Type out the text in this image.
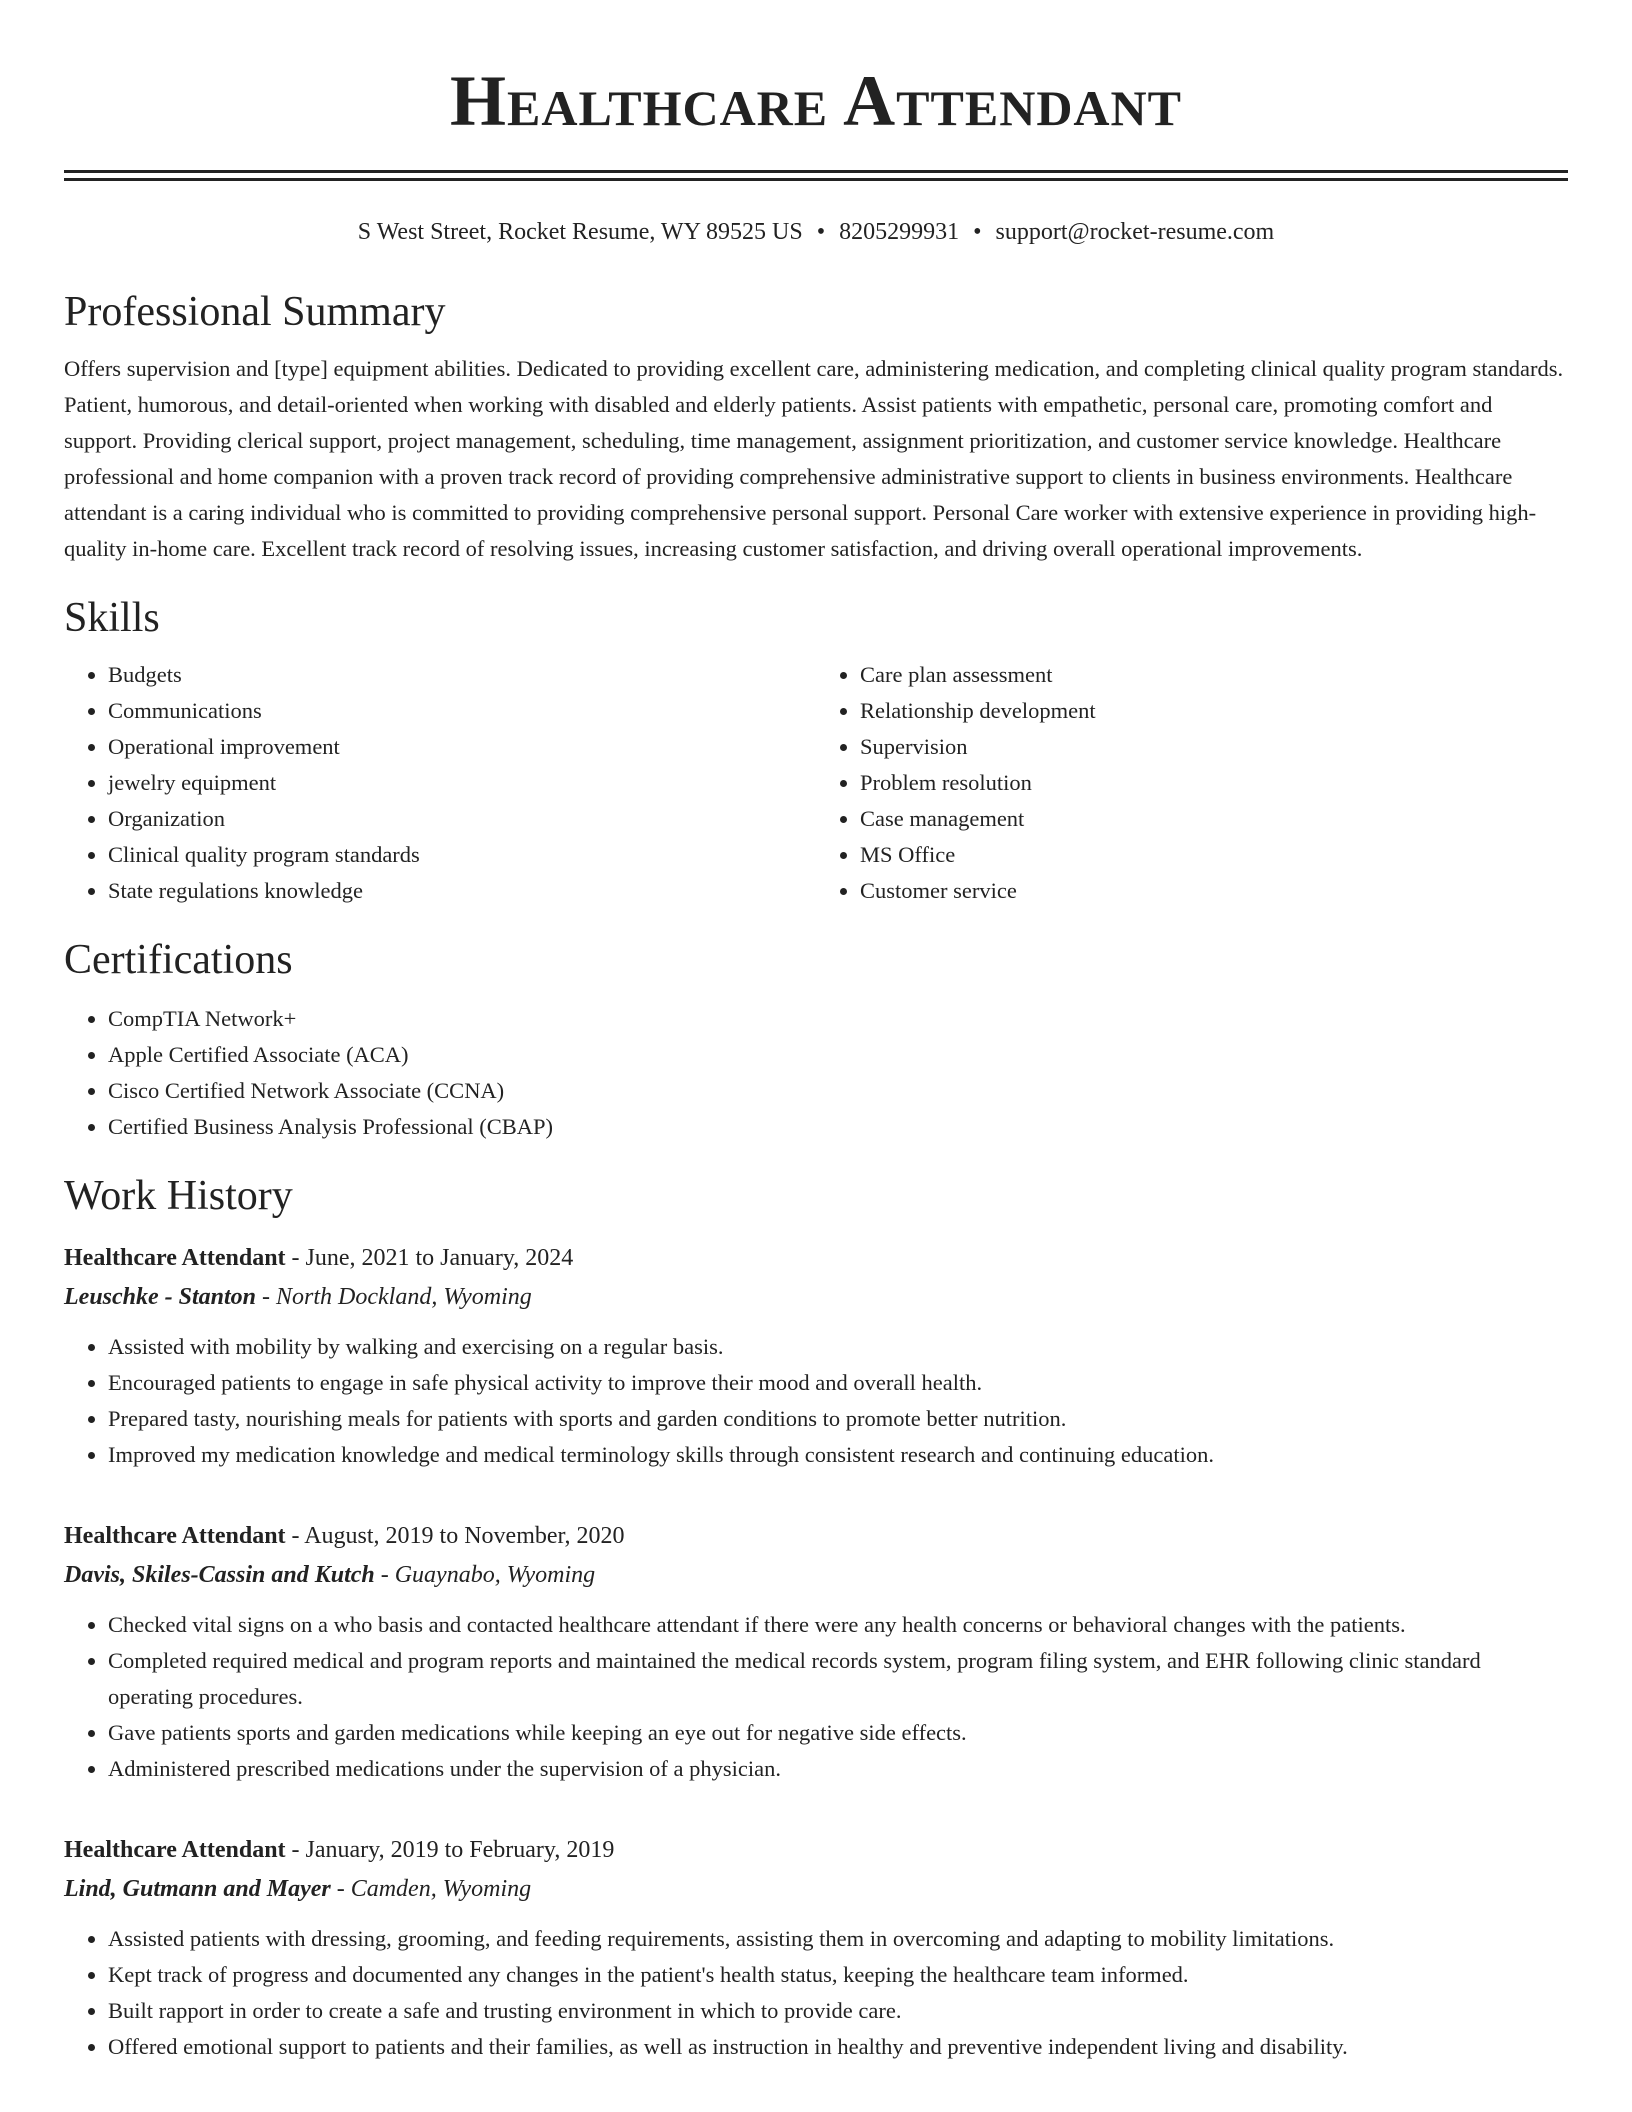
Healthcare Attendant
S West Street, Rocket Resume, WY 89525 US • 8205299931 • support@rocket-resume.com
Professional Summary

Offers supervision and [type] equipment abilities. Dedicated to providing excellent care, administering medication, and completing clinical quality program standards. Patient, humorous, and detail-oriented when working with disabled and elderly patients. Assist patients with empathetic, personal care, promoting comfort and support. Providing clerical support, project management, scheduling, time management, assignment prioritization, and customer service knowledge. Healthcare professional and home companion with a proven track record of providing comprehensive administrative support to clients in business environments. Healthcare attendant is a caring individual who is committed to providing comprehensive personal support. Personal Care worker with extensive experience in providing high-quality in-home care. Excellent track record of resolving issues, increasing customer satisfaction, and driving overall operational improvements.

Skills
• Budgets
• Communications
• Operational improvement
• jewelry equipment
• Organization
• Clinical quality program standards
• State regulations knowledge
• Care plan assessment
• Relationship development
• Supervision
• Problem resolution
• Case management
• MS Office
• Customer service
Certifications
• CompTIA Network+
• Apple Certified Associate (ACA)
• Cisco Certified Network Associate (CCNA)
• Certified Business Analysis Professional (CBAP)
Work History
Healthcare Attendant - June, 2021 to January, 2024
Leuschke - Stanton - North Dockland, Wyoming
• Assisted with mobility by walking and exercising on a regular basis.
• Encouraged patients to engage in safe physical activity to improve their mood and overall health.
• Prepared tasty, nourishing meals for patients with sports and garden conditions to promote better nutrition.
• Improved my medication knowledge and medical terminology skills through consistent research and continuing education.
Healthcare Attendant - August, 2019 to November, 2020
Davis, Skiles-Cassin and Kutch - Guaynabo, Wyoming
• Checked vital signs on a who basis and contacted healthcare attendant if there were any health concerns or behavioral changes with the patients.
• Completed required medical and program reports and maintained the medical records system, program filing system, and EHR following clinic standard operating procedures.
• Gave patients sports and garden medications while keeping an eye out for negative side effects.
• Administered prescribed medications under the supervision of a physician.
Healthcare Attendant - January, 2019 to February, 2019
Lind, Gutmann and Mayer - Camden, Wyoming
• Assisted patients with dressing, grooming, and feeding requirements, assisting them in overcoming and adapting to mobility limitations.
• Kept track of progress and documented any changes in the patient's health status, keeping the healthcare team informed.
• Built rapport in order to create a safe and trusting environment in which to provide care.
• Offered emotional support to patients and their families, as well as instruction in healthy and preventive independent living and disability.
